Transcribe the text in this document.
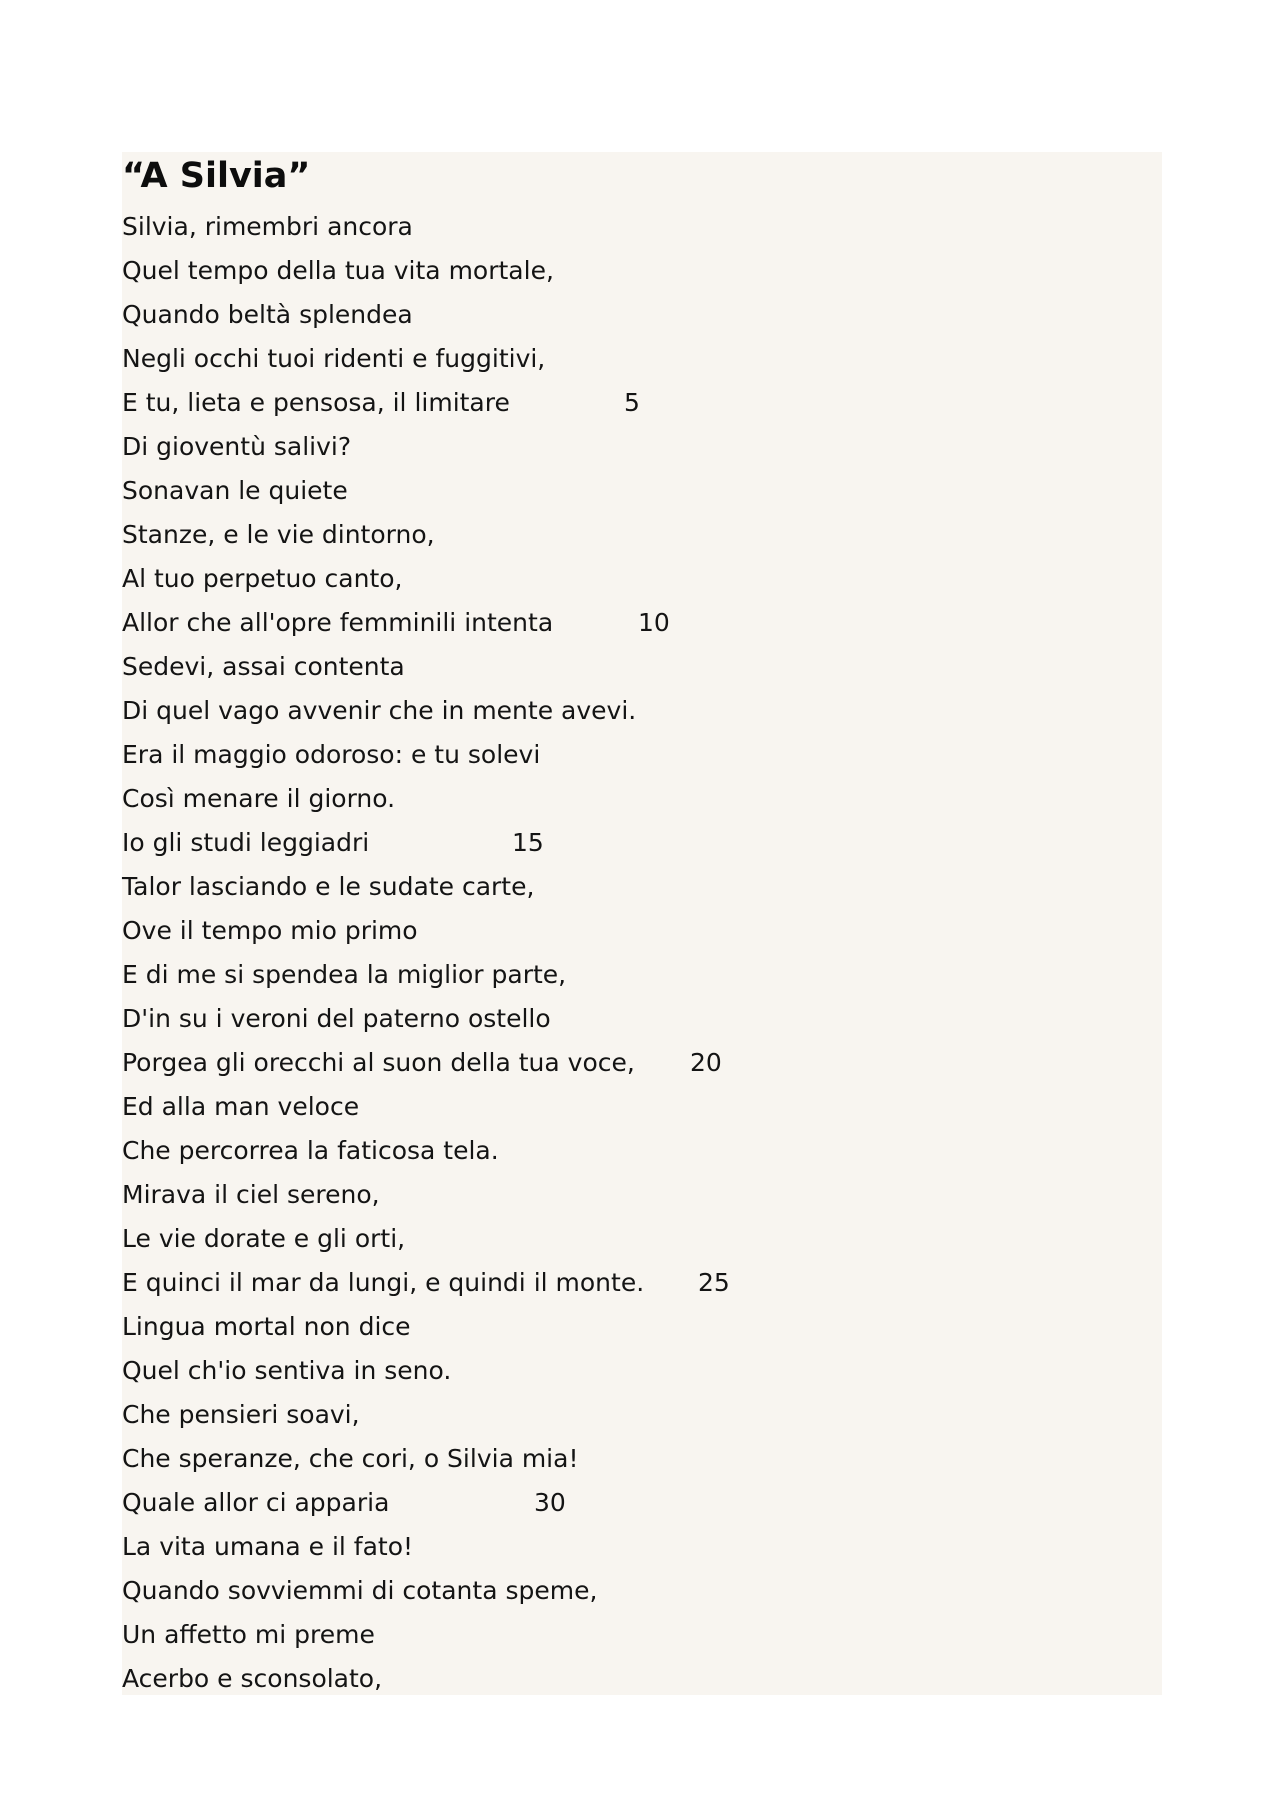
“A Silvia”
Silvia, rimembri ancora
Quel tempo della tua vita mortale,
Quando beltà splendea
Negli occhi tuoi ridenti e fuggitivi,
E tu, lieta e pensosa, il limitare	5
Di gioventù salivi?
Sonavan le quiete
Stanze, e le vie dintorno,
Al tuo perpetuo canto,
Allor che all'opre femminili intenta	10
Sedevi, assai contenta
Di quel vago avvenir che in mente avevi.
Era il maggio odoroso: e tu solevi
Così menare il giorno.
Io gli studi leggiadri	15
Talor lasciando e le sudate carte,
Ove il tempo mio primo
E di me si spendea la miglior parte,
D'in su i veroni del paterno ostello
Porgea gli orecchi al suon della tua voce, 20
Ed alla man veloce
Che percorrea la faticosa tela.
Mirava il ciel sereno,
Le vie dorate e gli orti,
E quinci il mar da lungi, e quindi il monte. 25
Lingua mortal non dice
Quel ch'io sentiva in seno.
Che pensieri soavi,
Che speranze, che cori, o Silvia mia!
Quale allor ci apparia	30
La vita umana e il fato!
Quando sovviemmi di cotanta speme,
Un affetto mi preme
Acerbo e sconsolato,
